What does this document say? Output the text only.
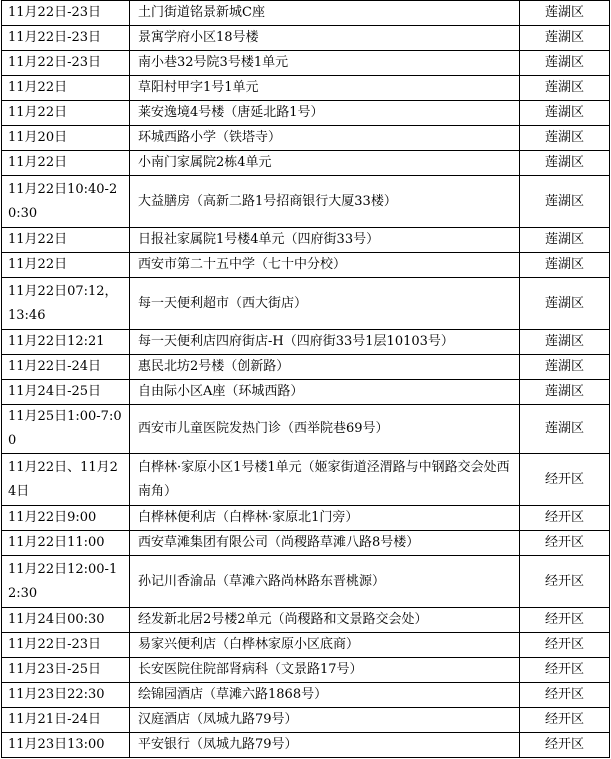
11月22日-23日	土门街道铭景新城C座	莲湖区
11月22日-23日	景寓学府小区18号楼	莲湖区
11月22日-23日	南小巷32号院3号楼1单元	莲湖区
11月22日	草阳村甲字1号1单元	莲湖区
11月22日	莱安逸境4号楼（唐延北路1号）	莲湖区
11月20日	环城西路小学（铁塔寺）	莲湖区
11月22日	小南门家属院2栋4单元	莲湖区
11月22日10:40-20:30	大益膳房（高新二路1号招商银行大厦33楼）	莲湖区
11月22日	日报社家属院1号楼4单元（四府街33号）	莲湖区
11月22日	西安市第二十五中学（七十中分校）	莲湖区
11月22日07:12，13:46	每一天便利超市（西大街店）	莲湖区
11月22日12:21	每一天便利店四府街店-H（四府街33号1层10103号）	莲湖区
11月22日-24日	惠民北坊2号楼（创新路）	莲湖区
11月24日-25日	自由际小区A座（环城西路）	莲湖区
11月25日1:00-7:00	西安市儿童医院发热门诊（西举院巷69号）	莲湖区
11月22日、11月24日	白桦林·家原小区1号楼1单元（姬家街道泾渭路与中钢路交会处西南角）	经开区
11月22日9:00	白桦林便利店（白桦林·家原北1门旁）	经开区
11月22日11:00	西安草滩集团有限公司（尚稷路草滩八路8号楼）	经开区
11月22日12:00-12:30	孙记川香渝品（草滩六路尚林路东晋桃源）	经开区
11月24日00:30	经发新北居2号楼2单元（尚稷路和文景路交会处）	经开区
11月22日-23日	易家兴便利店（白桦林家原小区底商）	经开区
11月23日-25日	长安医院住院部肾病科（文景路17号）	经开区
11月23日22:30	绘锦园酒店（草滩六路1868号）	经开区
11月21日-24日	汉庭酒店（凤城九路79号）	经开区
11月23日13:00	平安银行（凤城九路79号）	经开区
